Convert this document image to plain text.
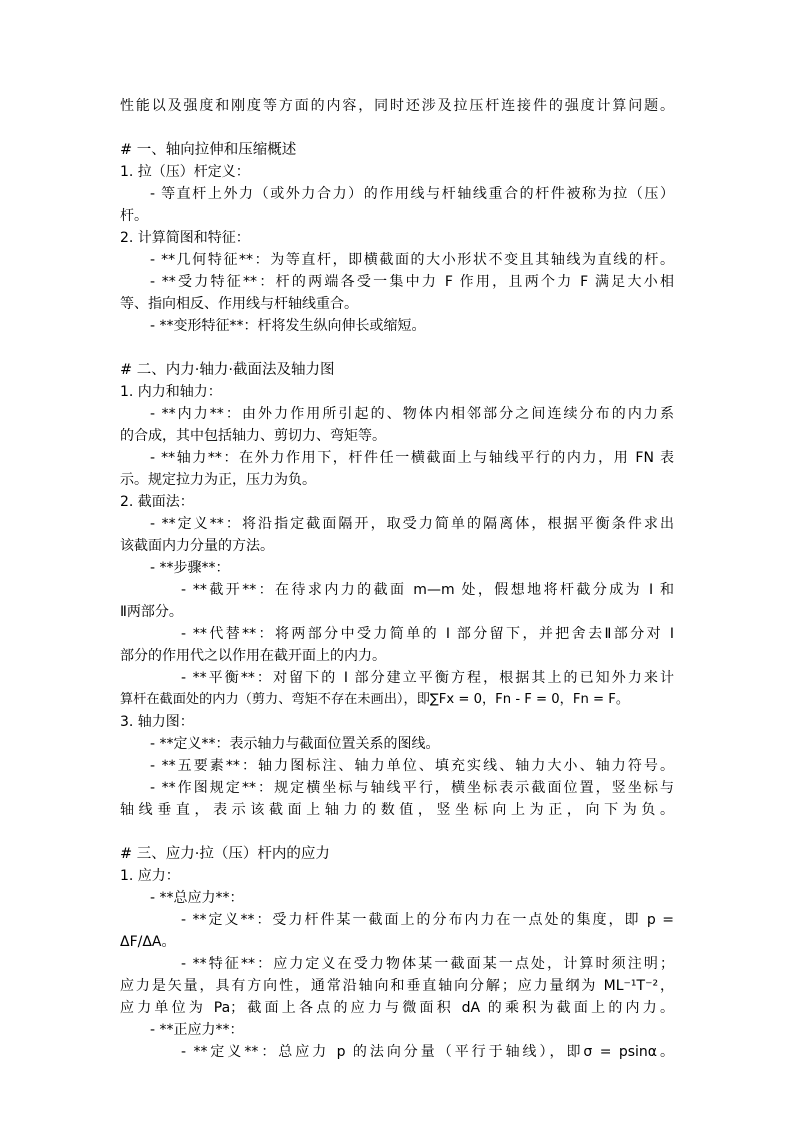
性能以及强度和刚度等方面的内容，同时还涉及拉压杆连接件的强度计算问题。
# 一、轴向拉伸和压缩概述
1. 拉（压）杆定义：
- 等直杆上外力（或外力合力）的作用线与杆轴线重合的杆件被称为拉（压）
杆。
2. 计算简图和特征：
- **几何特征**：为等直杆，即横截面的大小形状不变且其轴线为直线的杆。
- **受力特征**：杆的两端各受一集中力 F 作用，且两个力 F 满足大小相
等、指向相反、作用线与杆轴线重合。
- **变形特征**：杆将发生纵向伸长或缩短。
# 二、内力·轴力·截面法及轴力图
1. 内力和轴力：
- **内力**：由外力作用所引起的、物体内相邻部分之间连续分布的内力系
的合成，其中包括轴力、剪切力、弯矩等。
- **轴力**：在外力作用下，杆件任一横截面上与轴线平行的内力，用 FN 表
示。规定拉力为正，压力为负。
2. 截面法：
- **定义**：将沿指定截面隔开，取受力简单的隔离体，根据平衡条件求出
该截面内力分量的方法。
- **步骤**：
- **截开**：在待求内力的截面 m—m 处，假想地将杆截分成为 I 和
Ⅱ两部分。
- **代替**：将两部分中受力简单的 I 部分留下，并把舍去Ⅱ部分对 I
部分的作用代之以作用在截开面上的内力。
- **平衡**：对留下的 I 部分建立平衡方程，根据其上的已知外力来计
算杆在截面处的内力（剪力、弯矩不存在未画出），即∑Fx = 0，Fn - F = 0，Fn = F。
3. 轴力图：
- **定义**：表示轴力与截面位置关系的图线。
- **五要素**：轴力图标注、轴力单位、填充实线、轴力大小、轴力符号。
- **作图规定**：规定横坐标与轴线平行，横坐标表示截面位置，竖坐标与
轴线垂直，表示该截面上轴力的数值，竖坐标向上为正，向下为负。
# 三、应力·拉（压）杆内的应力
1. 应力：
- **总应力**：
- **定义**：受力杆件某一截面上的分布内力在一点处的集度，即 p =
ΔF/ΔA。
- **特征**：应力定义在受力物体某一截面某一点处，计算时须注明；
应力是矢量，具有方向性，通常沿轴向和垂直轴向分解；应力量纲为 ML⁻¹T⁻²，
应力单位为 Pa；截面上各点的应力与微面积 dA 的乘积为截面上的内力。
- **正应力**：
- **定义**：总应力 p 的法向分量（平行于轴线），即σ = psinα。
